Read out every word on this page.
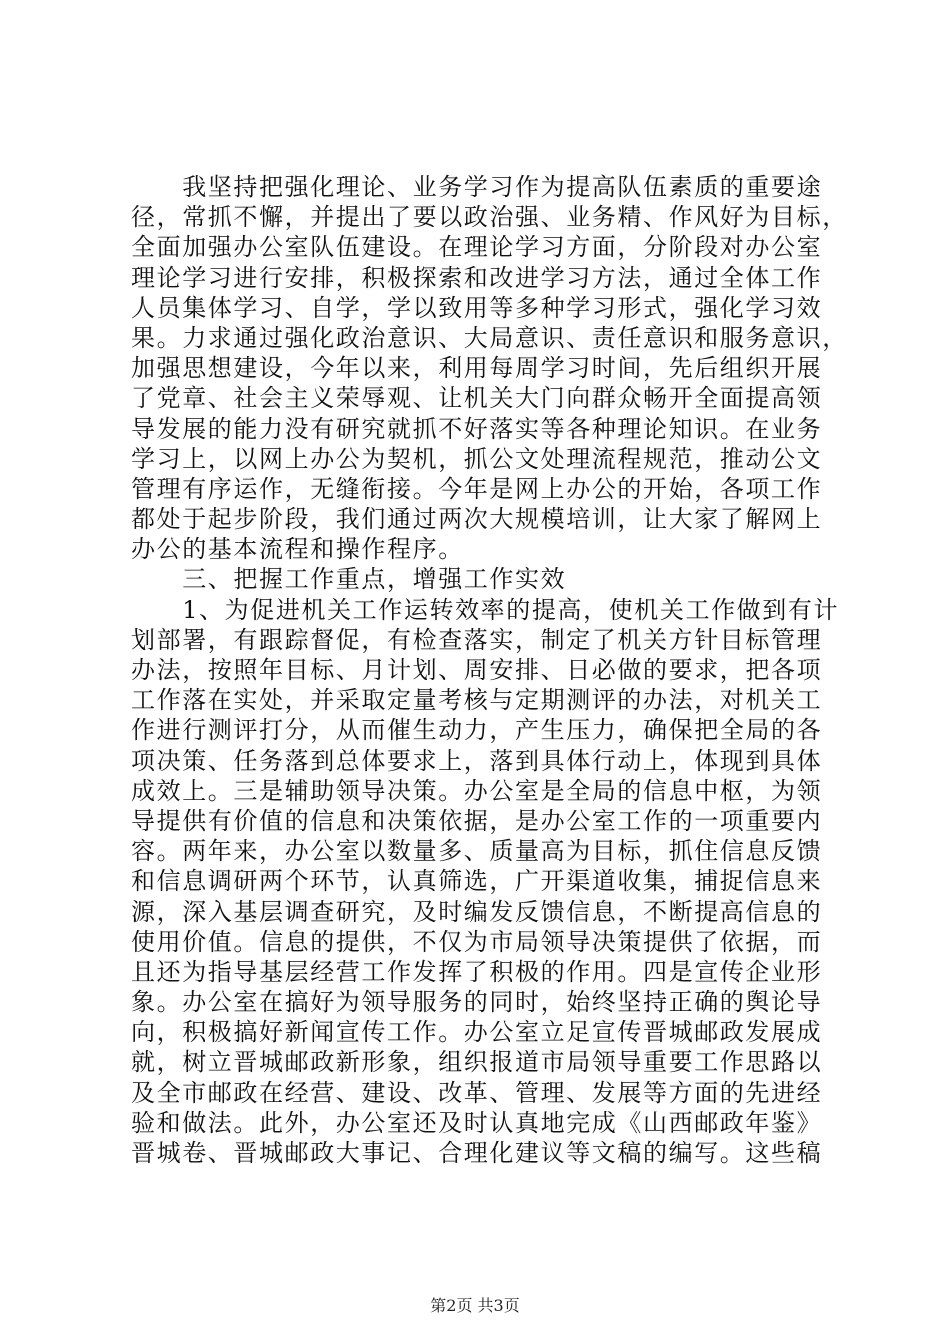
　　我坚持把强化理论、业务学习作为提高队伍素质的重要途
径，常抓不懈，并提出了要以政治强、业务精、作风好为目标，
全面加强办公室队伍建设。在理论学习方面，分阶段对办公室
理论学习进行安排，积极探索和改进学习方法，通过全体工作
人员集体学习、自学，学以致用等多种学习形式，强化学习效
果。力求通过强化政治意识、大局意识、责任意识和服务意识，
加强思想建设，今年以来，利用每周学习时间，先后组织开展
了党章、社会主义荣辱观、让机关大门向群众畅开全面提高领
导发展的能力没有研究就抓不好落实等各种理论知识。在业务
学习上，以网上办公为契机，抓公文处理流程规范，推动公文
管理有序运作，无缝衔接。今年是网上办公的开始，各项工作
都处于起步阶段，我们通过两次大规模培训，让大家了解网上
办公的基本流程和操作程序。
　　三、把握工作重点，增强工作实效
　　1、为促进机关工作运转效率的提高，使机关工作做到有计
划部署，有跟踪督促，有检查落实，制定了机关方针目标管理
办法，按照年目标、月计划、周安排、日必做的要求，把各项
工作落在实处，并采取定量考核与定期测评的办法，对机关工
作进行测评打分，从而催生动力，产生压力，确保把全局的各
项决策、任务落到总体要求上，落到具体行动上，体现到具体
成效上。三是辅助领导决策。办公室是全局的信息中枢，为领
导提供有价值的信息和决策依据，是办公室工作的一项重要内
容。两年来，办公室以数量多、质量高为目标，抓住信息反馈
和信息调研两个环节，认真筛选，广开渠道收集，捕捉信息来
源，深入基层调查研究，及时编发反馈信息，不断提高信息的
使用价值。信息的提供，不仅为市局领导决策提供了依据，而
且还为指导基层经营工作发挥了积极的作用。四是宣传企业形
象。办公室在搞好为领导服务的同时，始终坚持正确的舆论导
向，积极搞好新闻宣传工作。办公室立足宣传晋城邮政发展成
就，树立晋城邮政新形象，组织报道市局领导重要工作思路以
及全市邮政在经营、建设、改革、管理、发展等方面的先进经
验和做法。此外，办公室还及时认真地完成《山西邮政年鉴》
晋城卷、晋城邮政大事记、合理化建议等文稿的编写。这些稿
第2页 共3页
